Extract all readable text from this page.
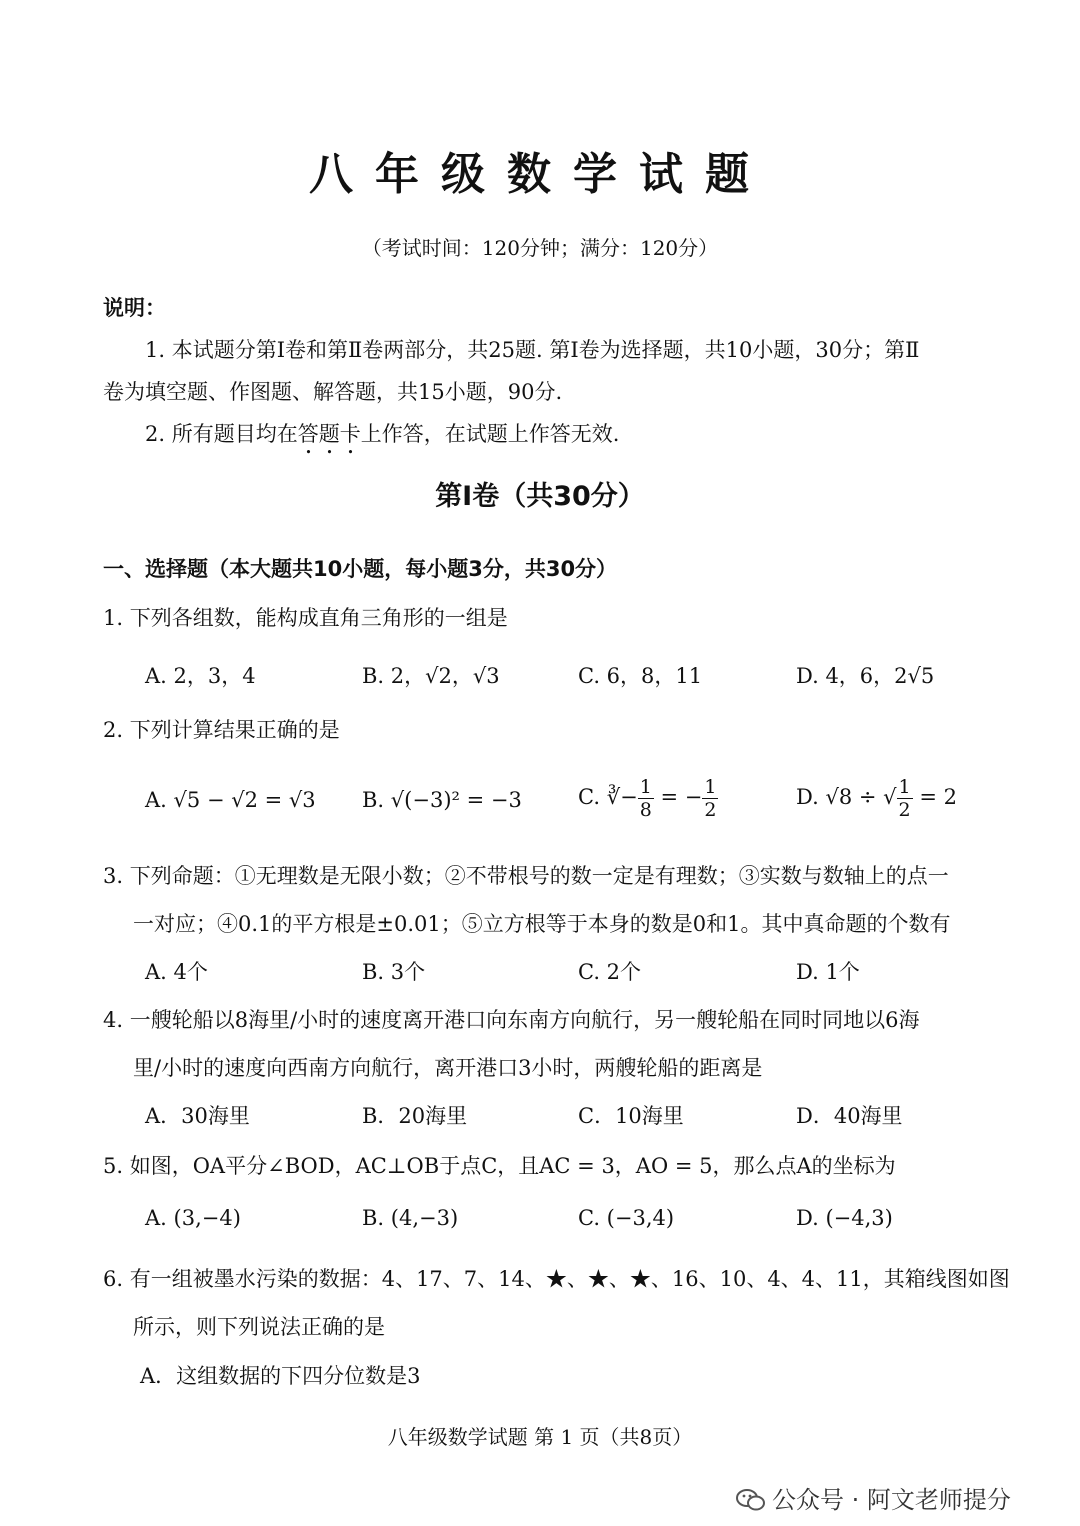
八年级数学试题
（考试时间：120分钟；满分：120分）
说明：
1. 本试题分第Ⅰ卷和第Ⅱ卷两部分，共25题. 第Ⅰ卷为选择题，共10小题，30分；第Ⅱ
卷为填空题、作图题、解答题，共15小题，90分.
2. 所有题目均在答题卡上作答，在试题上作答无效.
第Ⅰ卷（共30分）
一、选择题（本大题共10小题，每小题3分，共30分）
1. 下列各组数，能构成直角三角形的一组是
A. 2，3，4	B. 2，√2，√3	C. 6，8，11	D. 4，6，2√5
2. 下列计算结果正确的是
A. √5 − √2 = √3 B. √(−3)² = −3	C. ∛− $\frac{1}{8}$ = − $\frac{1}{2}$	D. √8 ÷ √ $\frac{1}{2} = 2$
3. 下列命题：①无理数是无限小数；②不带根号的数一定是有理数；③实数与数轴上的点一
一对应；④0.1的平方根是±0.01；⑤立方根等于本身的数是0和1。其中真命题的个数有
A. 4个	B. 3个	C. 2个	D. 1个
4. 一艘轮船以8海里/小时的速度离开港口向东南方向航行，另一艘轮船在同时同地以6海
里/小时的速度向西南方向航行，离开港口3小时，两艘轮船的距离是
A．30海里	B．20海里	C．10海里	D．40海里
5. 如图，OA平分∠BOD，AC⊥OB于点C，且AC = 3，AO = 5，那么点A的坐标为
A. (3,−4)	B. (4,−3)	C. (−3,4)	D. (−4,3)
6. 有一组被墨水污染的数据：4、17、7、14、★、★、★、16、10、4、4、11，其箱线图如图
所示，则下列说法正确的是
A．这组数据的下四分位数是3
八年级数学试题 第 1 页（共8页）
公众号 · 阿文老师提分
